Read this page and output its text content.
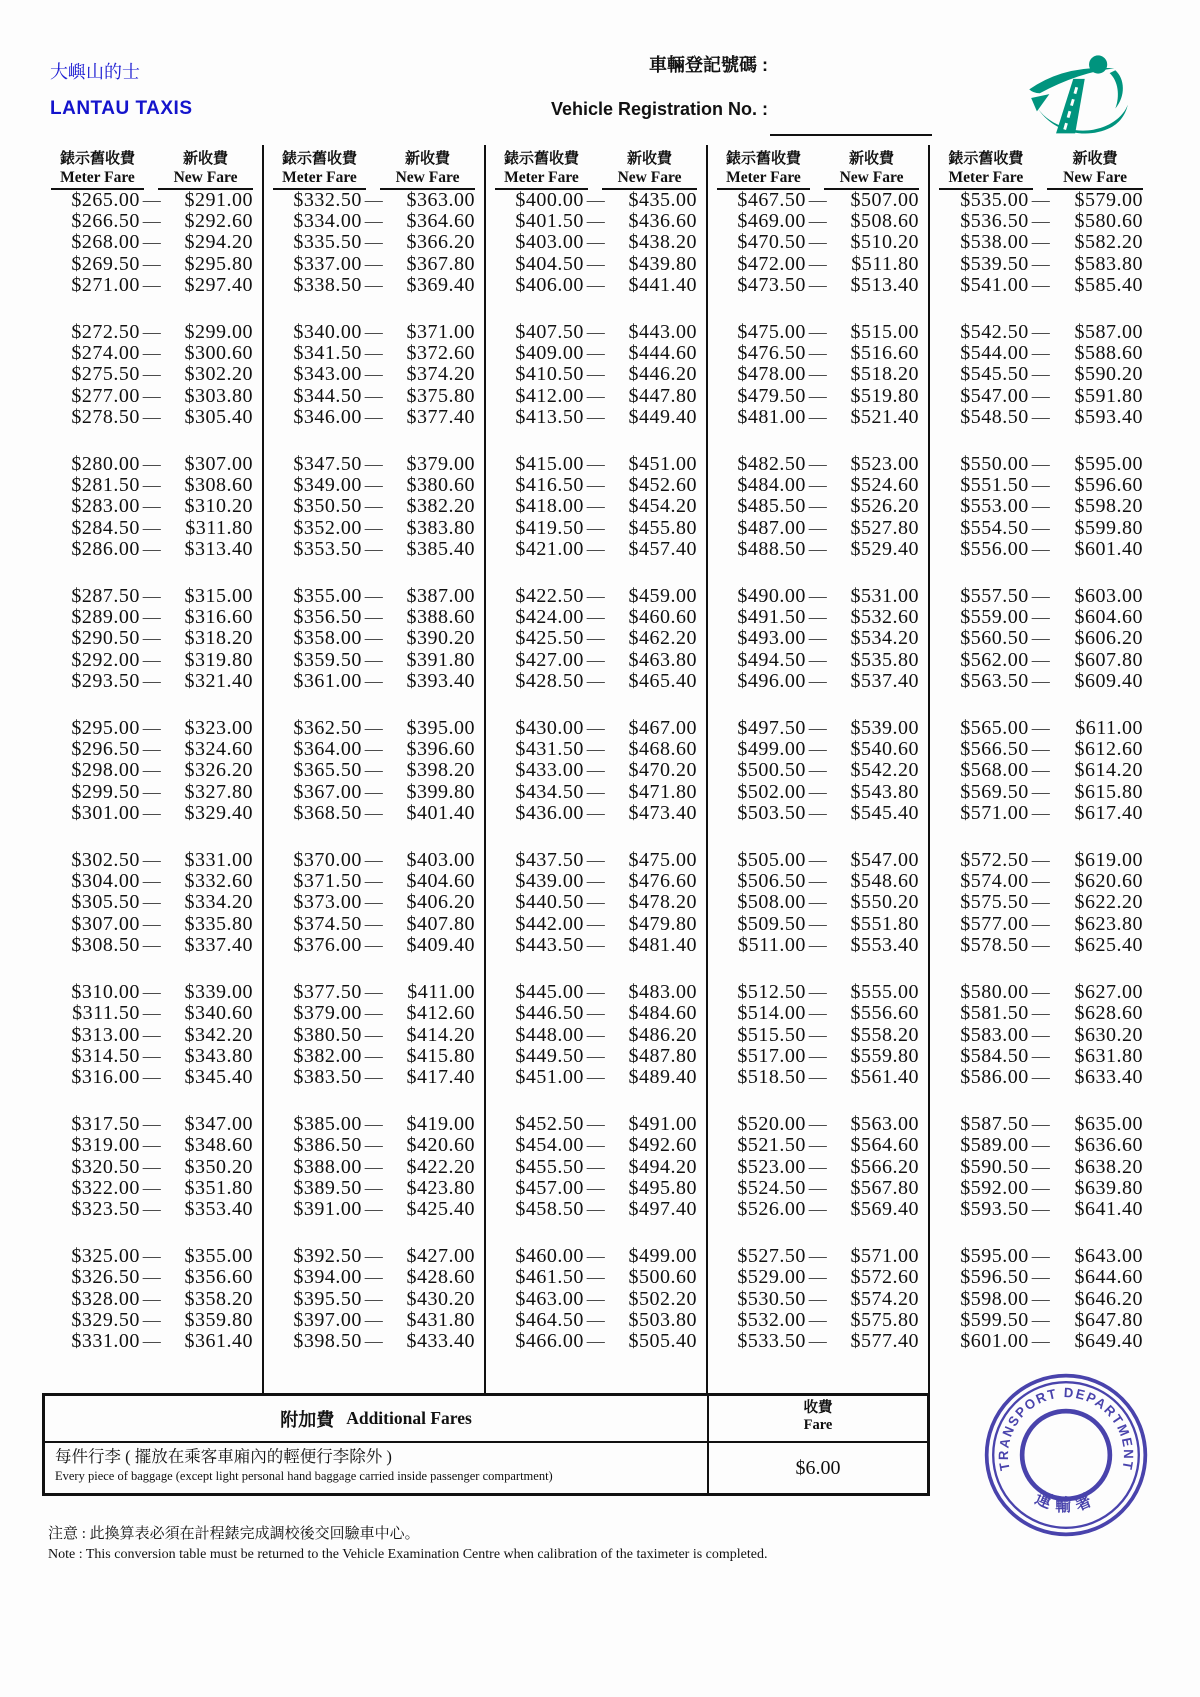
大嶼山的士
LANTAU TAXIS
車輛登記號碼 :
Vehicle Registration No. :
錶示舊收費
Meter Fare
新收費
New Fare
$265.00 —	$291.00
$266.50 —	$292.60
$268.00 —	$294.20
$269.50 —	$295.80
$271.00 —	$297.40
$272.50 —	$299.00
$274.00 —	$300.60
$275.50 —	$302.20
$277.00 —	$303.80
$278.50 —	$305.40
$280.00 —	$307.00
$281.50 —	$308.60
$283.00 —	$310.20
$284.50 —	$311.80
$286.00 —	$313.40
$287.50 —	$315.00
$289.00 —	$316.60
$290.50 —	$318.20
$292.00 —	$319.80
$293.50 —	$321.40
$295.00 —	$323.00
$296.50 —	$324.60
$298.00 —	$326.20
$299.50 —	$327.80
$301.00 —	$329.40
$302.50 —	$331.00
$304.00 —	$332.60
$305.50 —	$334.20
$307.00 —	$335.80
$308.50 —	$337.40
$310.00 —	$339.00
$311.50 —	$340.60
$313.00 —	$342.20
$314.50 —	$343.80
$316.00 —	$345.40
$317.50 —	$347.00
$319.00 —	$348.60
$320.50 —	$350.20
$322.00 —	$351.80
$323.50 —	$353.40
$325.00 —	$355.00
$326.50 —	$356.60
$328.00 —	$358.20
$329.50 —	$359.80
$331.00 —	$361.40
錶示舊收費
Meter Fare
新收費
New Fare
$332.50 —	$363.00
$334.00 —	$364.60
$335.50 —	$366.20
$337.00 —	$367.80
$338.50 —	$369.40
$340.00 —	$371.00
$341.50 —	$372.60
$343.00 —	$374.20
$344.50 —	$375.80
$346.00 —	$377.40
$347.50 —	$379.00
$349.00 —	$380.60
$350.50 —	$382.20
$352.00 —	$383.80
$353.50 —	$385.40
$355.00 —	$387.00
$356.50 —	$388.60
$358.00 —	$390.20
$359.50 —	$391.80
$361.00 —	$393.40
$362.50 —	$395.00
$364.00 —	$396.60
$365.50 —	$398.20
$367.00 —	$399.80
$368.50 —	$401.40
$370.00 —	$403.00
$371.50 —	$404.60
$373.00 —	$406.20
$374.50 —	$407.80
$376.00 —	$409.40
$377.50 —	$411.00
$379.00 —	$412.60
$380.50 —	$414.20
$382.00 —	$415.80
$383.50 —	$417.40
$385.00 —	$419.00
$386.50 —	$420.60
$388.00 —	$422.20
$389.50 —	$423.80
$391.00 —	$425.40
$392.50 —	$427.00
$394.00 —	$428.60
$395.50 —	$430.20
$397.00 —	$431.80
$398.50 —	$433.40
錶示舊收費
Meter Fare
新收費
New Fare
$400.00 —	$435.00
$401.50 —	$436.60
$403.00 —	$438.20
$404.50 —	$439.80
$406.00 —	$441.40
$407.50 —	$443.00
$409.00 —	$444.60
$410.50 —	$446.20
$412.00 —	$447.80
$413.50 —	$449.40
$415.00 —	$451.00
$416.50 —	$452.60
$418.00 —	$454.20
$419.50 —	$455.80
$421.00 —	$457.40
$422.50 —	$459.00
$424.00 —	$460.60
$425.50 —	$462.20
$427.00 —	$463.80
$428.50 —	$465.40
$430.00 —	$467.00
$431.50 —	$468.60
$433.00 —	$470.20
$434.50 —	$471.80
$436.00 —	$473.40
$437.50 —	$475.00
$439.00 —	$476.60
$440.50 —	$478.20
$442.00 —	$479.80
$443.50 —	$481.40
$445.00 —	$483.00
$446.50 —	$484.60
$448.00 —	$486.20
$449.50 —	$487.80
$451.00 —	$489.40
$452.50 —	$491.00
$454.00 —	$492.60
$455.50 —	$494.20
$457.00 —	$495.80
$458.50 —	$497.40
$460.00 —	$499.00
$461.50 —	$500.60
$463.00 —	$502.20
$464.50 —	$503.80
$466.00 —	$505.40
錶示舊收費
Meter Fare
新收費
New Fare
$467.50 —	$507.00
$469.00 —	$508.60
$470.50 —	$510.20
$472.00 —	$511.80
$473.50 —	$513.40
$475.00 —	$515.00
$476.50 —	$516.60
$478.00 —	$518.20
$479.50 —	$519.80
$481.00 —	$521.40
$482.50 —	$523.00
$484.00 —	$524.60
$485.50 —	$526.20
$487.00 —	$527.80
$488.50 —	$529.40
$490.00 —	$531.00
$491.50 —	$532.60
$493.00 —	$534.20
$494.50 —	$535.80
$496.00 —	$537.40
$497.50 —	$539.00
$499.00 —	$540.60
$500.50 —	$542.20
$502.00 —	$543.80
$503.50 —	$545.40
$505.00 —	$547.00
$506.50 —	$548.60
$508.00 —	$550.20
$509.50 —	$551.80
$511.00 —	$553.40
$512.50 —	$555.00
$514.00 —	$556.60
$515.50 —	$558.20
$517.00 —	$559.80
$518.50 —	$561.40
$520.00 —	$563.00
$521.50 —	$564.60
$523.00 —	$566.20
$524.50 —	$567.80
$526.00 —	$569.40
$527.50 —	$571.00
$529.00 —	$572.60
$530.50 —	$574.20
$532.00 —	$575.80
$533.50 —	$577.40
錶示舊收費
Meter Fare
新收費
New Fare
$535.00 —	$579.00
$536.50 —	$580.60
$538.00 —	$582.20
$539.50 —	$583.80
$541.00 —	$585.40
$542.50 —	$587.00
$544.00 —	$588.60
$545.50 —	$590.20
$547.00 —	$591.80
$548.50 —	$593.40
$550.00 —	$595.00
$551.50 —	$596.60
$553.00 —	$598.20
$554.50 —	$599.80
$556.00 —	$601.40
$557.50 —	$603.00
$559.00 —	$604.60
$560.50 —	$606.20
$562.00 —	$607.80
$563.50 —	$609.40
$565.00 —	$611.00
$566.50 —	$612.60
$568.00 —	$614.20
$569.50 —	$615.80
$571.00 —	$617.40
$572.50 —	$619.00
$574.00 —	$620.60
$575.50 —	$622.20
$577.00 —	$623.80
$578.50 —	$625.40
$580.00 —	$627.00
$581.50 —	$628.60
$583.00 —	$630.20
$584.50 —	$631.80
$586.00 —	$633.40
$587.50 —	$635.00
$589.00 —	$636.60
$590.50 —	$638.20
$592.00 —	$639.80
$593.50 —	$641.40
$595.00 —	$643.00
$596.50 —	$644.60
$598.00 —	$646.20
$599.50 —	$647.80
$601.00 —	$649.40
附加費 Additional Fares	收費
Fare
每件行李 ( 擺放在乘客車廂內的輕便行李除外 )
Every piece of baggage (except light personal hand baggage carried inside passenger compartment)	$6.00
注意 : 此換算表必須在計程錶完成調校後交回驗車中心。
Note : This conversion table must be returned to the Vehicle Examination Centre when calibration of the taximeter is completed.
TRANSPORT DEPARTMENT
運輸署
